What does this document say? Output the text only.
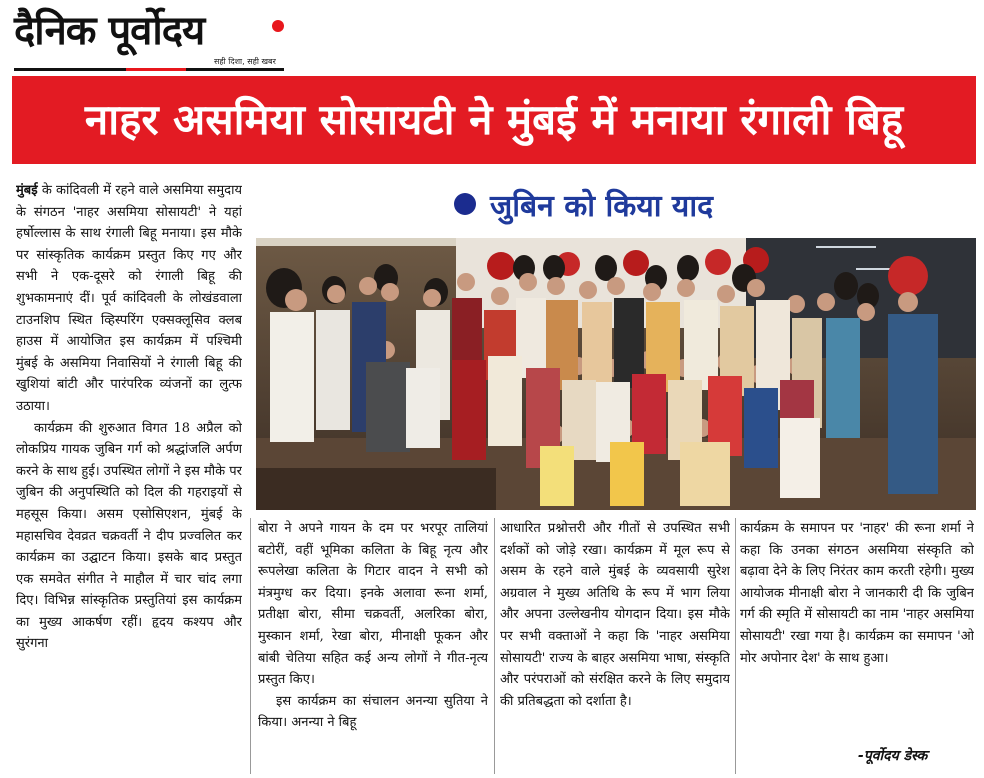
दैनिक पूर्वोदय
सही दिशा, सही खबर
नाहर असमिया सोसायटी ने मुंबई में मनाया रंगाली बिहू
जुबिन को किया याद

मुंबई के कांदिवली में रहने वाले असमिया समुदाय के संगठन 'नाहर असमिया सोसायटी' ने यहां हर्षोल्लास के साथ रंगाली बिहू मनाया। इस मौके पर सांस्कृतिक कार्यक्रम प्रस्तुत किए गए और सभी ने एक-दूसरे को रंगाली बिहू की शुभकामनाएं दीं। पूर्व कांदिवली के लोखंडवाला टाउनशिप स्थित व्हिस्परिंग एक्सक्लूसिव क्लब हाउस में आयोजित इस कार्यक्रम में पश्चिमी मुंबई के असमिया निवासियों ने रंगाली बिहू की खुशियां बांटी और पारंपरिक व्यंजनों का लुत्फ उठाया।

कार्यक्रम की शुरुआत विगत 18 अप्रैल को लोकप्रिय गायक जुबिन गर्ग को श्रद्धांजलि अर्पण करने के साथ हुई। उपस्थित लोगों ने इस मौके पर जुबिन की अनुपस्थिति को दिल की गहराइयों से महसूस किया। असम एसोसिएशन, मुंबई के महासचिव देवव्रत चक्रवर्ती ने दीप प्रज्वलित कर कार्यक्रम का उद्घाटन किया। इसके बाद प्रस्तुत एक समवेत संगीत ने माहौल में चार चांद लगा दिए। विभिन्न सांस्कृतिक प्रस्तुतियां इस कार्यक्रम का मुख्य आकर्षण रहीं। हृदय कश्यप और सुरंगना

बोरा ने अपने गायन के दम पर भरपूर तालियां बटोरीं, वहीं भूमिका कलिता के बिहू नृत्य और रूपलेखा कलिता के गिटार वादन ने सभी को मंत्रमुग्ध कर दिया। इनके अलावा रूना शर्मा, प्रतीक्षा बोरा, सीमा चक्रवर्ती, अलरिका बोरा, मुस्कान शर्मा, रेखा बोरा, मीनाक्षी फूकन और बांबी चेतिया सहित कई अन्य लोगों ने गीत-नृत्य प्रस्तुत किए।

इस कार्यक्रम का संचालन अनन्या सुतिया ने किया। अनन्या ने बिहू

आधारित प्रश्नोत्तरी और गीतों से उपस्थित सभी दर्शकों को जोड़े रखा। कार्यक्रम में मूल रूप से असम के रहने वाले मुंबई के व्यवसायी सुरेश अग्रवाल ने मुख्य अतिथि के रूप में भाग लिया और अपना उल्लेखनीय योगदान दिया। इस मौके पर सभी वक्ताओं ने कहा कि 'नाहर असमिया सोसायटी' राज्य के बाहर असमिया भाषा, संस्कृति और परंपराओं को संरक्षित करने के लिए समुदाय की प्रतिबद्धता को दर्शाता है।

कार्यक्रम के समापन पर 'नाहर' की रूना शर्मा ने कहा कि उनका संगठन असमिया संस्कृति को बढ़ावा देने के लिए निरंतर काम करती रहेगी। मुख्य आयोजक मीनाक्षी बोरा ने जानकारी दी कि जुबिन गर्ग की स्मृति में सोसायटी का नाम 'नाहर असमिया सोसायटी' रखा गया है। कार्यक्रम का समापन 'ओ मोर अपोनार देश' के साथ हुआ।

-पूर्वोदय डेस्क
